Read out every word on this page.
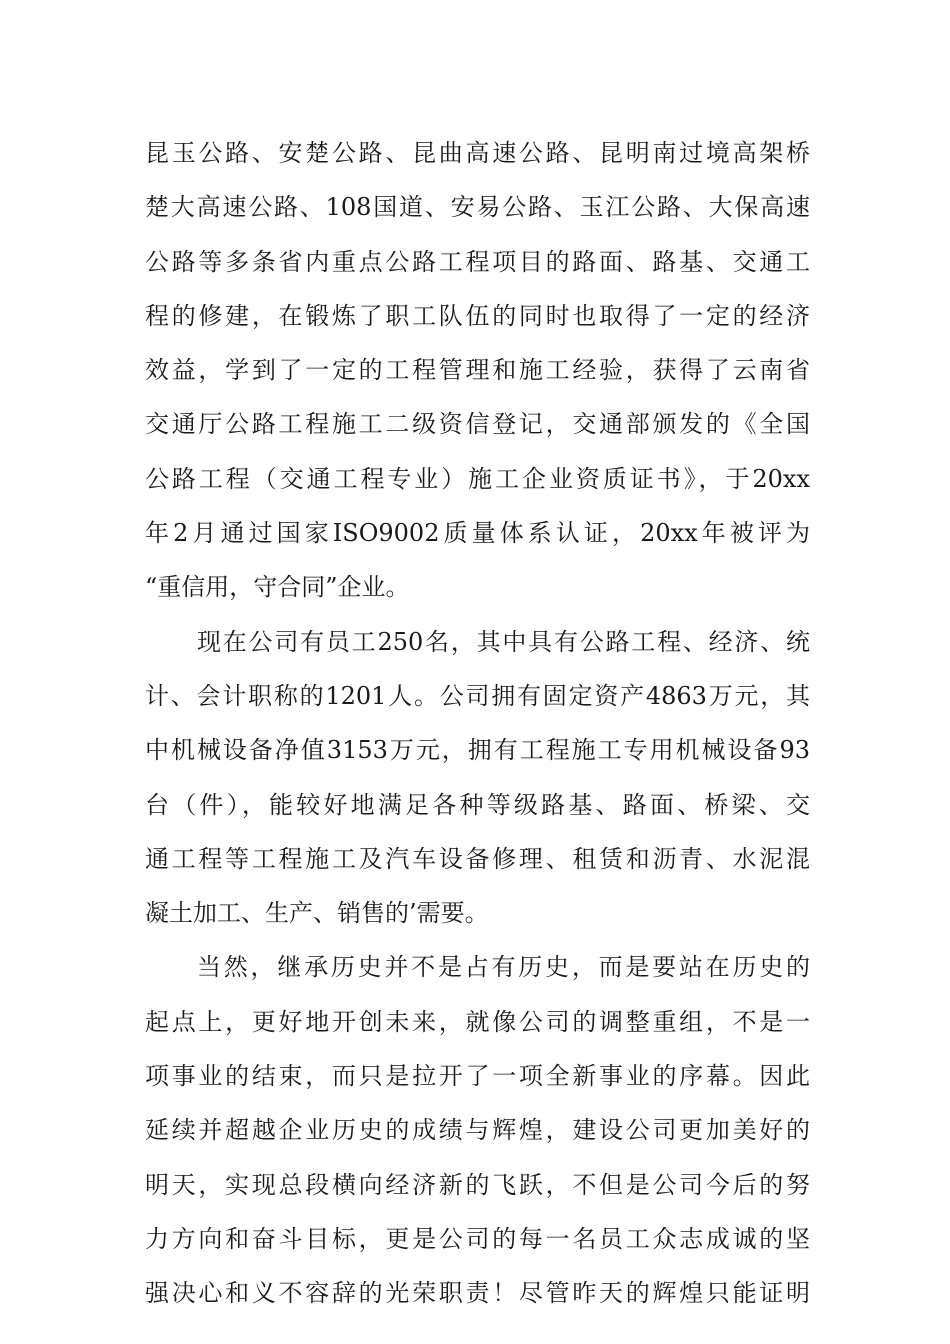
昆玉公路、安楚公路、昆曲高速公路、昆明南过境高架桥
楚大高速公路、108国道、安易公路、玉江公路、大保高速
公路等多条省内重点公路工程项目的路面、路基、交通工
程的修建，在锻炼了职工队伍的同时也取得了一定的经济
效益，学到了一定的工程管理和施工经验，获得了云南省
交通厅公路工程施工二级资信登记，交通部颁发的《全国
公路工程（交通工程专业）施工企业资质证书》，于20xx
年2月通过国家ISO9002质量体系认证，20xx年被评为
“重信用，守合同”企业。
现在公司有员工250名，其中具有公路工程、经济、统
计、会计职称的1201人。公司拥有固定资产4863万元，其
中机械设备净值3153万元，拥有工程施工专用机械设备93
台（件），能较好地满足各种等级路基、路面、桥梁、交
通工程等工程施工及汽车设备修理、租赁和沥青、水泥混
凝土加工、生产、销售的’需要。
当然，继承历史并不是占有历史，而是要站在历史的
起点上，更好地开创未来，就像公司的调整重组，不是一
项事业的结束，而只是拉开了一项全新事业的序幕。因此
延续并超越企业历史的成绩与辉煌，建设公司更加美好的
明天，实现总段横向经济新的飞跃，不但是公司今后的努
力方向和奋斗目标，更是公司的每一名员工众志成诚的坚
强决心和义不容辞的光荣职责！尽管昨天的辉煌只能证明
